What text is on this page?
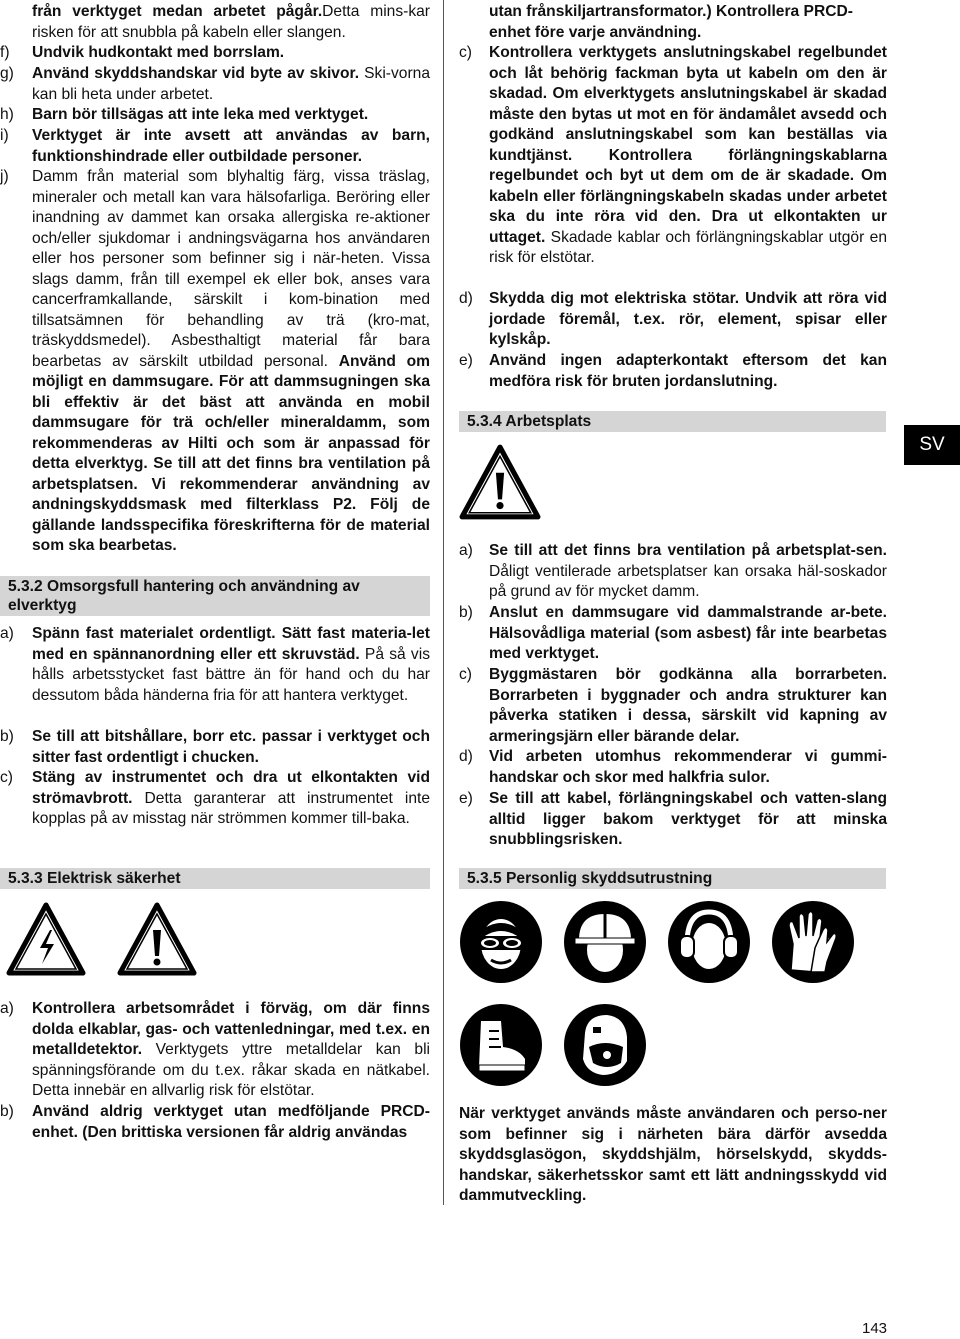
från verktyget medan arbetet pågår.Detta mins-kar risken för att snubbla på kabeln eller slangen.
f) Undvik hudkontakt med borrslam.
g) Använd skyddshandskar vid byte av skivor. Ski-vorna kan bli heta under arbetet.
h) Barn bör tillsägas att inte leka med verktyget.
i) Verktyget är inte avsett att användas av barn, funktionshindrade eller outbildade personer.
j) Damm från material som blyhaltig färg, vissa träslag, mineraler och metall kan vara hälsofarliga. Beröring eller inandning av dammet kan orsaka allergiska re-aktioner och/eller sjukdomar i andningsvägarna hos användaren eller hos personer som befinner sig i när-heten. Vissa slags damm, från till exempel ek eller bok, anses vara cancerframkallande, särskilt i kom-bination med tillsatsämnen för behandling av trä (kro-mat, träskyddsmedel). Asbesthaltigt material får bara bearbetas av särskilt utbildad personal. Använd om möjligt en dammsugare. För att dammsugningen ska bli effektiv är det bäst att använda en mobil dammsugare för trä och/eller mineraldamm, som rekommenderas av Hilti och som är anpassad för detta elverktyg. Se till att det finns bra ventilation på arbetsplatsen. Vi rekommenderar användning av andningskyddsmask med filterklass P2. Följ de gällande landsspecifika föreskrifterna för de material som ska bearbetas.
5.3.2 Omsorgsfull hantering och användning av elverktyg
a) Spänn fast materialet ordentligt. Sätt fast materia-let med en spännanordning eller ett skruvstäd. På så vis hålls arbetsstycket fast bättre än för hand och du har dessutom båda händerna fria för att hantera verktyget.
b) Se till att bitshållare, borr etc. passar i verktyget och sitter fast ordentligt i chucken.
c) Stäng av instrumentet och dra ut elkontakten vid strömavbrott. Detta garanterar att instrumentet inte kopplas på av misstag när strömmen kommer till-baka.
5.3.3 Elektrisk säkerhet
a) Kontrollera arbetsområdet i förväg, om där finns dolda elkablar, gas- och vattenledningar, med t.ex. en metalldetektor. Verktygets yttre metalldelar kan bli spänningsförande om du t.ex. råkar skada en nätkabel. Detta innebär en allvarlig risk för elstötar.
b) Använd aldrig verktyget utan medföljande PRCD-enhet. (Den brittiska versionen får aldrig användas
utan frånskiljartransformator.) Kontrollera PRCD-enhet före varje användning.
c) Kontrollera verktygets anslutningskabel regelbundet och låt behörig fackman byta ut kabeln om den är skadad. Om elverktygets anslutningskabel är skadad måste den bytas ut mot en för ändamålet avsedd och godkänd anslutningskabel som kan beställas via kundtjänst. Kontrollera förlängningskablarna regelbundet och byt ut dem om de är skadade. Om kabeln eller förlängningskabeln skadas under arbetet ska du inte röra vid den. Dra ut elkontakten ur uttaget. Skadade kablar och förlängningskablar utgör en risk för elstötar.
d) Skydda dig mot elektriska stötar. Undvik att röra vid jordade föremål, t.ex. rör, element, spisar eller kylskåp.
e) Använd ingen adapterkontakt eftersom det kan medföra risk för bruten jordanslutning.
5.3.4 Arbetsplats
a) Se till att det finns bra ventilation på arbetsplat-sen. Dåligt ventilerade arbetsplatser kan orsaka häl-soskador på grund av för mycket damm.
b) Anslut en dammsugare vid dammalstrande ar-bete. Hälsovådliga material (som asbest) får inte bearbetas med verktyget.
c) Byggmästaren bör godkänna alla borrarbeten. Borrarbeten i byggnader och andra strukturer kan påverka statiken i dessa, särskilt vid kapning av armeringsjärn eller bärande delar.
d) Vid arbeten utomhus rekommenderar vi gummi-handskar och skor med halkfria sulor.
e) Se till att kabel, förlängningskabel och vatten-slang alltid ligger bakom verktyget för att minska snubblingsrisken.
5.3.5 Personlig skyddsutrustning
När verktyget används måste användaren och perso-ner som befinner sig i närheten bära därför avsedda skyddsglasögon, skyddshjälm, hörselskydd, skydds-handskar, säkerhetsskor samt ett lätt andningsskydd vid dammutveckling.
SV
143
